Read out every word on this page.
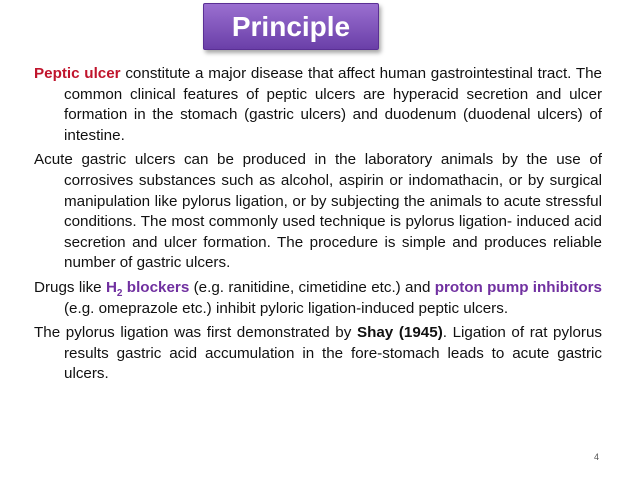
Principle

Peptic ulcer constitute a major disease that affect human gastrointestinal tract. The common clinical features of peptic ulcers are hyperacid secretion and ulcer formation in the stomach (gastric ulcers) and duodenum (duodenal ulcers) of intestine.

Acute gastric ulcers can be produced in the laboratory animals by the use of corrosives substances such as alcohol, aspirin or indomathacin, or by surgical manipulation like pylorus ligation, or by subjecting the animals to acute stressful conditions. The most commonly used technique is pylorus ligation- induced acid secretion and ulcer formation. The procedure is simple and produces reliable number of gastric ulcers.

Drugs like $H_2$ blockers (e.g. ranitidine, cimetidine etc.) and proton pump inhibitors (e.g. omeprazole etc.) inhibit pyloric ligation-induced peptic ulcers.

The pylorus ligation was first demonstrated by Shay (1945). Ligation of rat pylorus results gastric acid accumulation in the fore-stomach leads to acute gastric ulcers.

4
